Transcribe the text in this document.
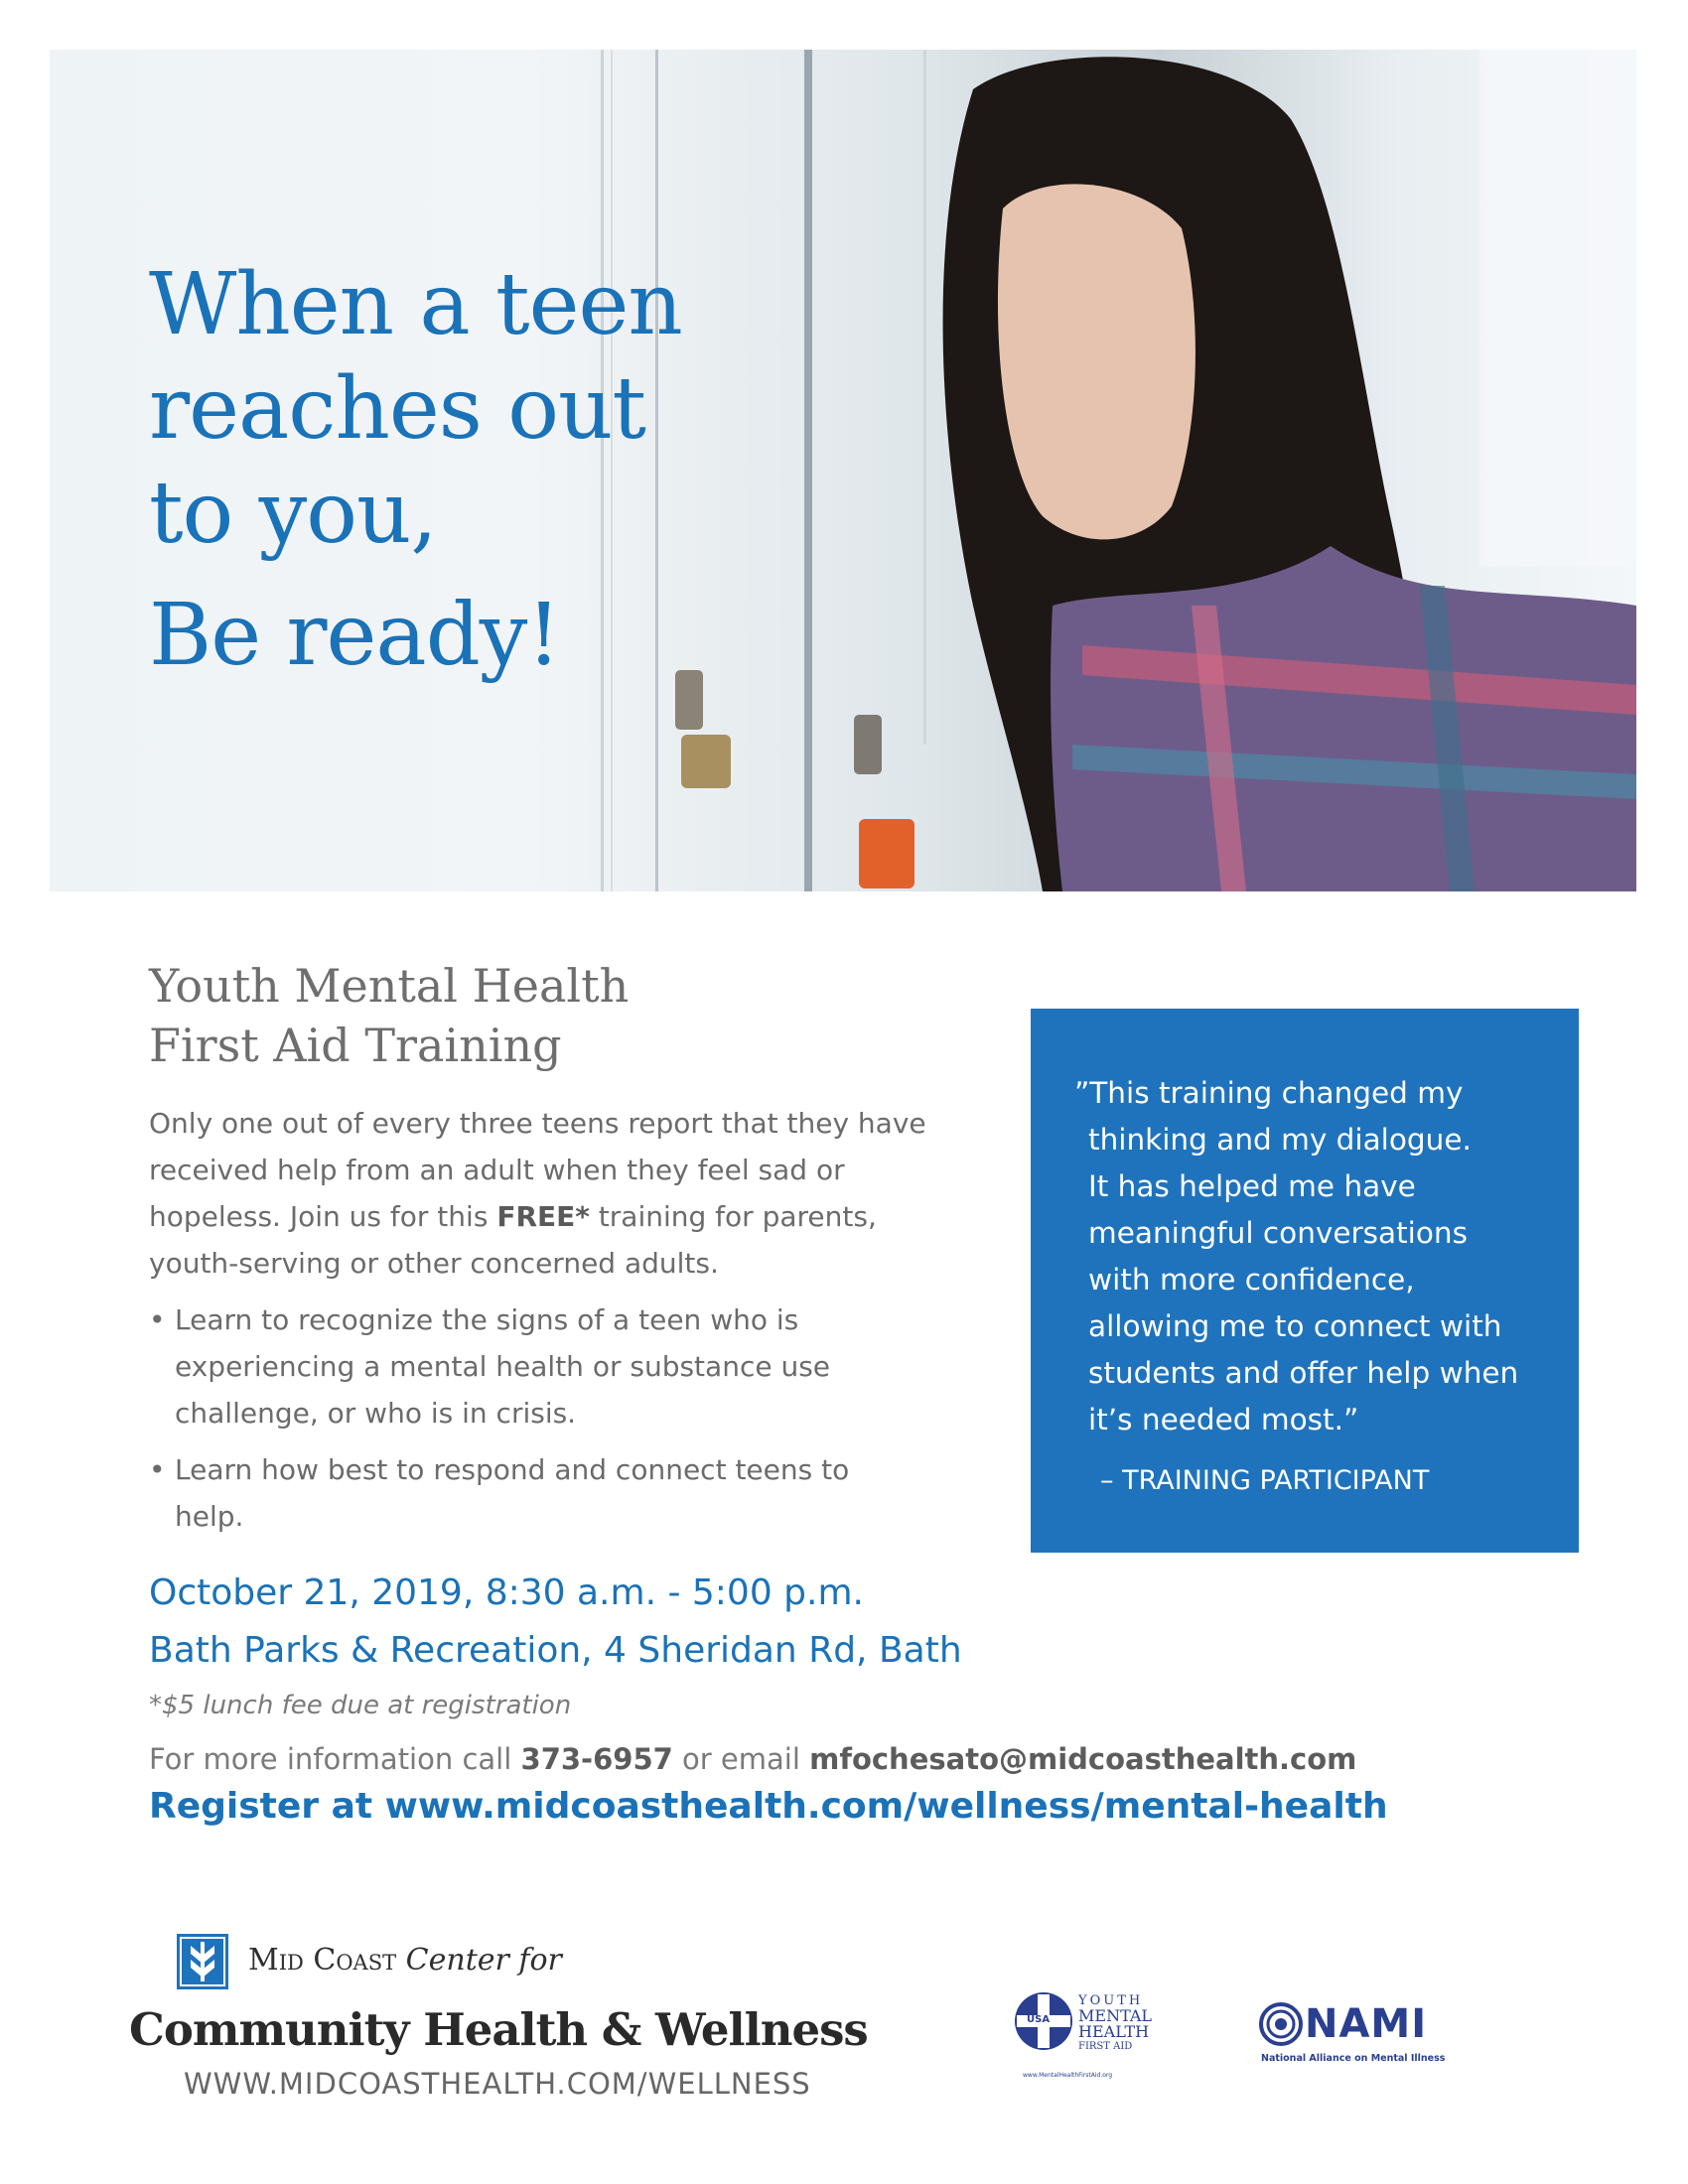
When a teen
reaches out
to you,
Be ready!
Youth Mental Health
First Aid Training
Only one out of every three teens report that they have received help from an adult when they feel sad or hopeless. Join us for this FREE* training for parents, youth-serving or other concerned adults.
• Learn to recognize the signs of a teen who is experiencing a mental health or substance use challenge, or who is in crisis.
• Learn how best to respond and connect teens to help.
October 21, 2019, 8:30 a.m. - 5:00 p.m.
Bath Parks & Recreation, 4 Sheridan Rd, Bath
*$5 lunch fee due at registration
For more information call 373-6957 or email mfochesato@midcoasthealth.com
Register at www.midcoasthealth.com/wellness/mental-health
”This training changed my
thinking and my dialogue.
It has helped me have
meaningful conversations
with more confidence,
allowing me to connect with
students and offer help when
it’s needed most.”
– TRAINING PARTICIPANT
Mid Coast Center for
Community Health & Wellness
WWW.MIDCOASTHEALTH.COM/WELLNESS
USA
YOUTH
MENTAL
HEALTH
FIRST AID
www.MentalHealthFirstAid.org
NAMI
National Alliance on Mental Illness
